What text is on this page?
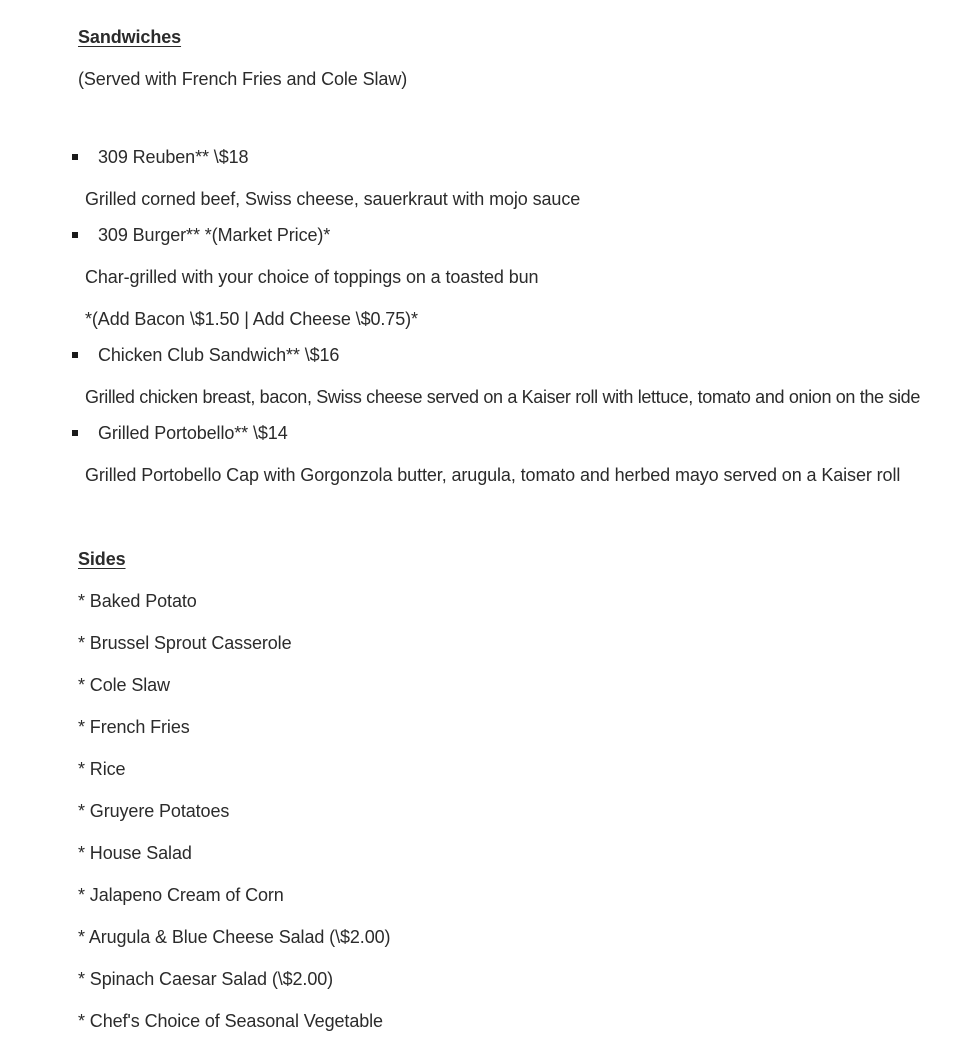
Sandwiches
(Served with French Fries and Cole Slaw)
309 Reuben** \$18
Grilled corned beef, Swiss cheese, sauerkraut with mojo sauce
309 Burger** *(Market Price)*
Char-grilled with your choice of toppings on a toasted bun
*(Add Bacon \$1.50 | Add Cheese \$0.75)*
Chicken Club Sandwich** \$16
Grilled chicken breast, bacon, Swiss cheese served on a Kaiser roll with lettuce, tomato and onion on the side
Grilled Portobello** \$14
Grilled Portobello Cap with Gorgonzola butter, arugula, tomato and herbed mayo served on a Kaiser roll
Sides
* Baked Potato
* Brussel Sprout Casserole
* Cole Slaw
* French Fries
* Rice
* Gruyere Potatoes
* House Salad
* Jalapeno Cream of Corn
* Arugula & Blue Cheese Salad (\$2.00)
* Spinach Caesar Salad (\$2.00)
* Chef's Choice of Seasonal Vegetable
